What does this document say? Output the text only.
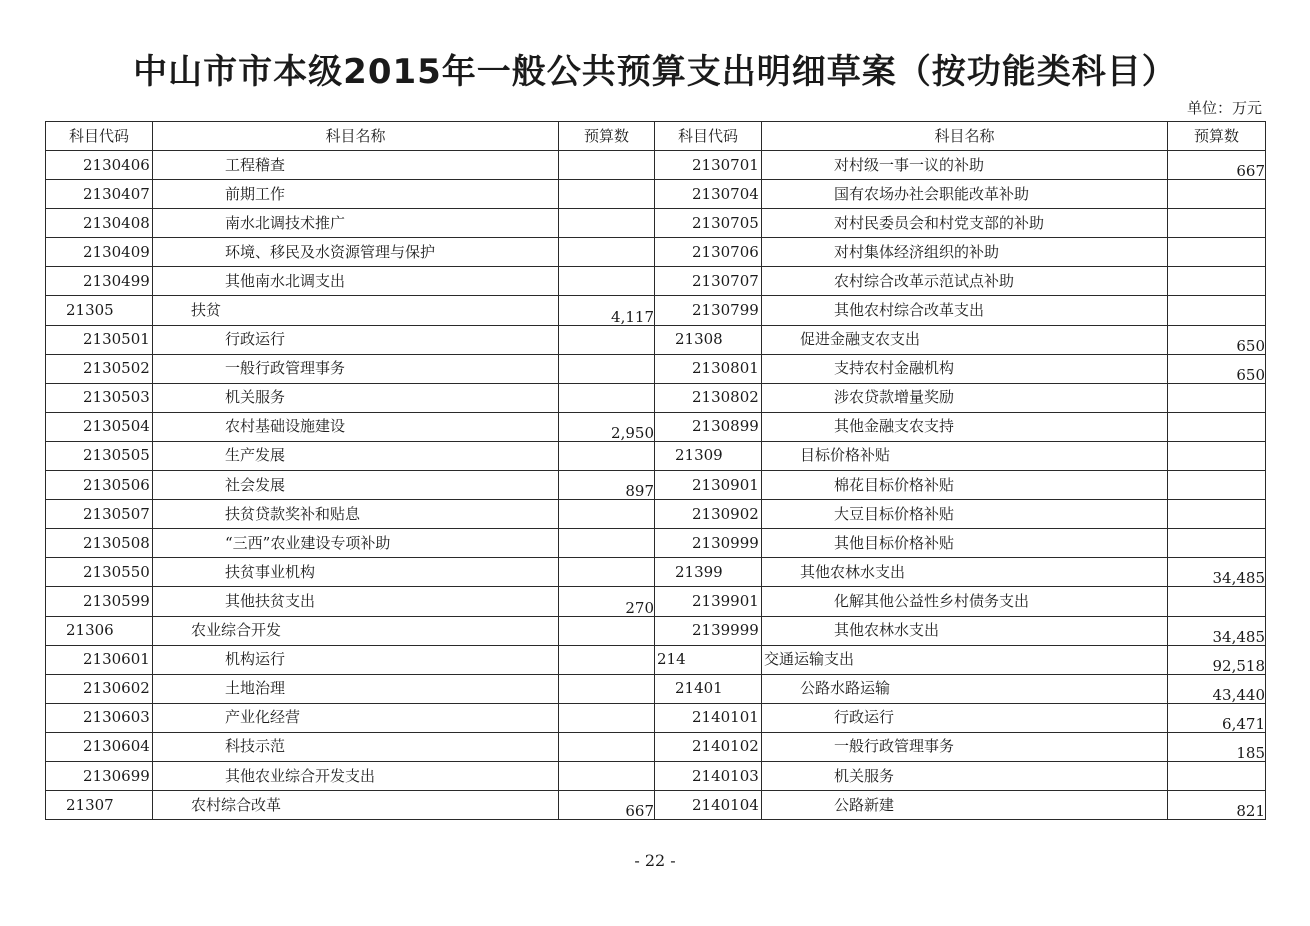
中山市市本级2015年一般公共预算支出明细草案（按功能类科目）
单位：万元
科目代码	科目名称	预算数	科目代码	科目名称	预算数
2130406	工程稽查		2130701	对村级一事一议的补助	667
2130407	前期工作		2130704	国有农场办社会职能改革补助	
2130408	南水北调技术推广		2130705	对村民委员会和村党支部的补助	
2130409	环境、移民及水资源管理与保护		2130706	对村集体经济组织的补助	
2130499	其他南水北调支出		2130707	农村综合改革示范试点补助	
21305	扶贫	4,117	2130799	其他农村综合改革支出	
2130501	行政运行		21308	促进金融支农支出	650
2130502	一般行政管理事务		2130801	支持农村金融机构	650
2130503	机关服务		2130802	涉农贷款增量奖励	
2130504	农村基础设施建设	2,950	2130899	其他金融支农支持	
2130505	生产发展		21309	目标价格补贴	
2130506	社会发展	897	2130901	棉花目标价格补贴	
2130507	扶贫贷款奖补和贴息		2130902	大豆目标价格补贴	
2130508	“三西”农业建设专项补助		2130999	其他目标价格补贴	
2130550	扶贫事业机构		21399	其他农林水支出	34,485
2130599	其他扶贫支出	270	2139901	化解其他公益性乡村债务支出	
21306	农业综合开发		2139999	其他农林水支出	34,485
2130601	机构运行		214	交通运输支出	92,518
2130602	土地治理		21401	公路水路运输	43,440
2130603	产业化经营		2140101	行政运行	6,471
2130604	科技示范		2140102	一般行政管理事务	185
2130699	其他农业综合开发支出		2140103	机关服务	
21307	农村综合改革	667	2140104	公路新建	821
- 22 -
